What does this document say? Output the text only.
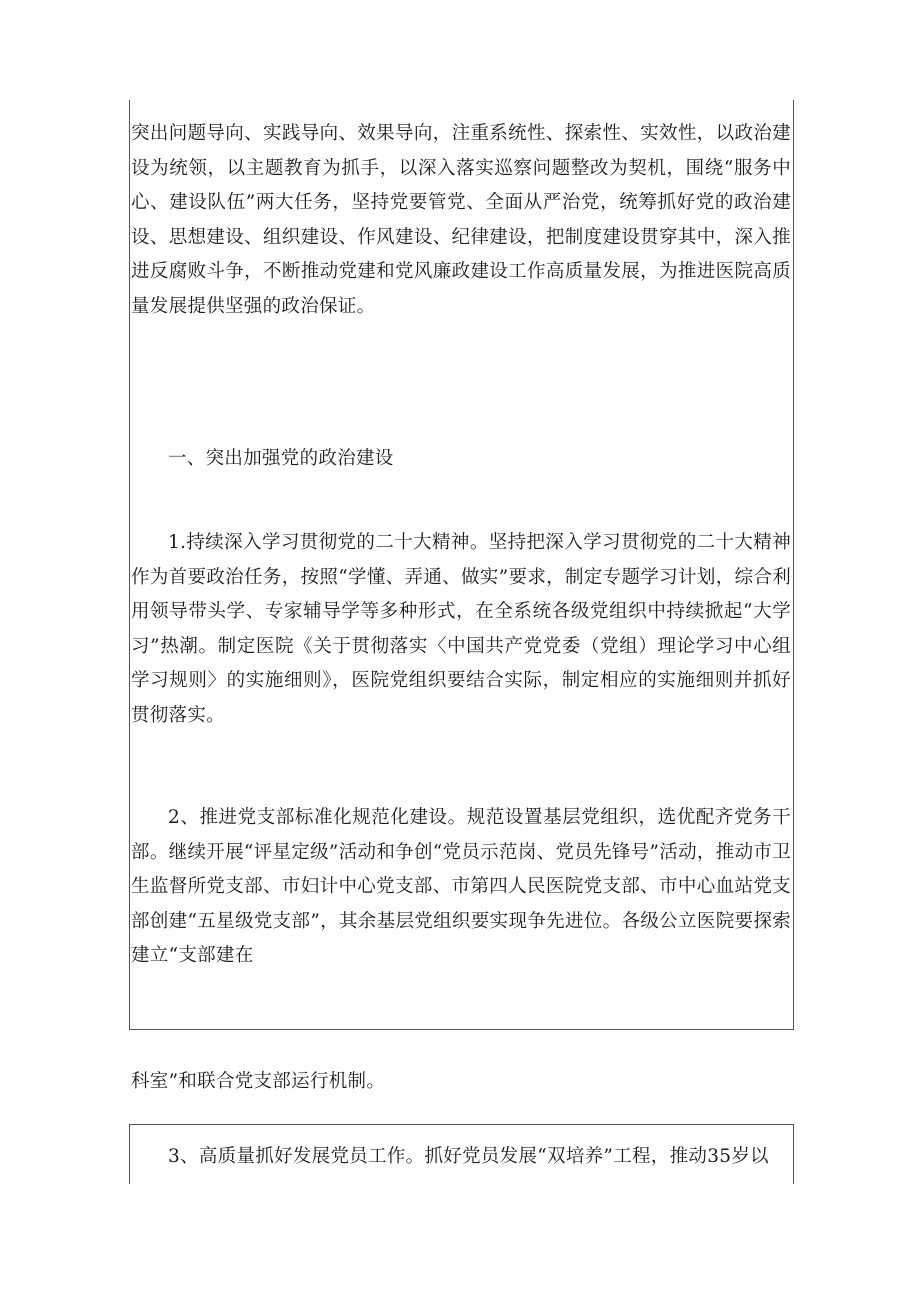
突出问题导向、实践导向、效果导向，注重系统性、探索性、实效性，以政治建设为统领，以主题教育为抓手，以深入落实巡察问题整改为契机，围绕“服务中心、建设队伍”两大任务，坚持党要管党、全面从严治党，统筹抓好党的政治建设、思想建设、组织建设、作风建设、纪律建设，把制度建设贯穿其中，深入推进反腐败斗争，不断推动党建和党风廉政建设工作高质量发展，为推进医院高质量发展提供坚强的政治保证。

一、突出加强党的政治建设

1.持续深入学习贯彻党的二十大精神。坚持把深入学习贯彻党的二十大精神作为首要政治任务，按照“学懂、弄通、做实”要求，制定专题学习计划，综合利用领导带头学、专家辅导学等多种形式，在全系统各级党组织中持续掀起“大学习”热潮。制定医院《关于贯彻落实〈中国共产党党委（党组）理论学习中心组学习规则〉的实施细则》，医院党组织要结合实际，制定相应的实施细则并抓好贯彻落实。

2、推进党支部标准化规范化建设。规范设置基层党组织，选优配齐党务干部。继续开展“评星定级”活动和争创“党员示范岗、党员先锋号”活动，推动市卫生监督所党支部、市妇计中心党支部、市第四人民医院党支部、市中心血站党支部创建“五星级党支部”，其余基层党组织要实现争先进位。各级公立医院要探索建立“支部建在

科室”和联合党支部运行机制。

3、高质量抓好发展党员工作。抓好党员发展“双培养”工程，推动35岁以
